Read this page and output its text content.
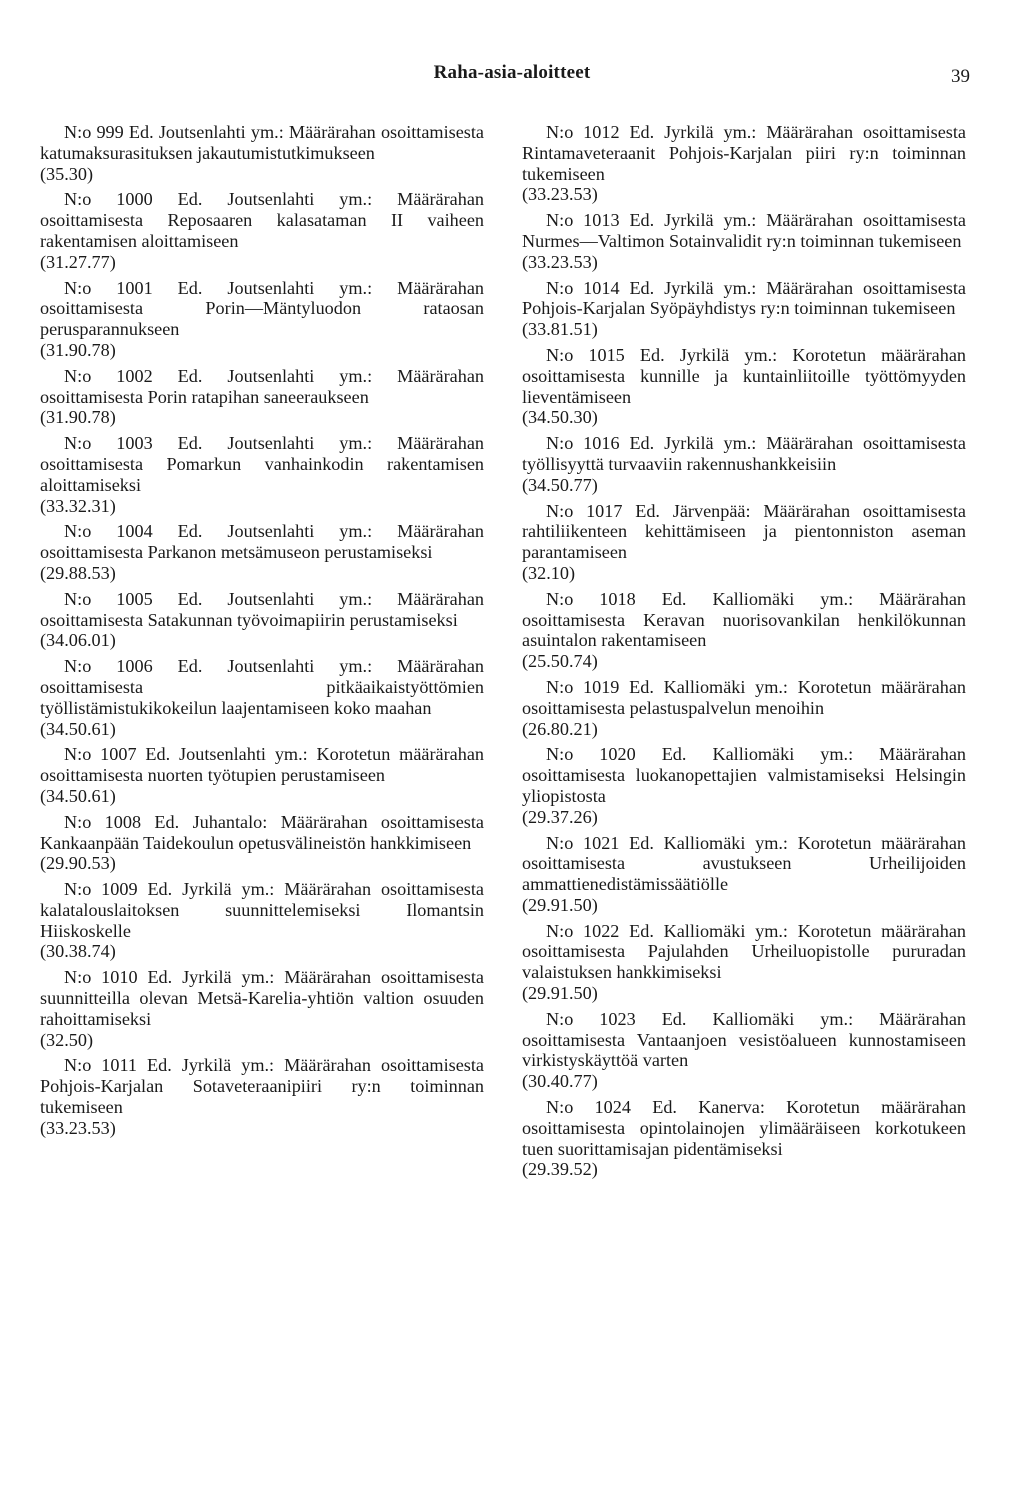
Raha-asia-aloitteet	39
N:o 999 Ed. Joutsenlahti ym.: Määrärahan osoittamisesta katumaksurasituksen jakautumistutkimukseen
(35.30)
N:o 1000 Ed. Joutsenlahti ym.: Määrärahan osoittamisesta Reposaaren kalasataman II vaiheen rakentamisen aloittamiseen
(31.27.77)
N:o 1001 Ed. Joutsenlahti ym.: Määrärahan osoittamisesta Porin—Mäntyluodon rataosan perusparannukseen
(31.90.78)
N:o 1002 Ed. Joutsenlahti ym.: Määrärahan osoittamisesta Porin ratapihan saneeraukseen
(31.90.78)
N:o 1003 Ed. Joutsenlahti ym.: Määrärahan osoittamisesta Pomarkun vanhainkodin rakentamisen aloittamiseksi
(33.32.31)
N:o 1004 Ed. Joutsenlahti ym.: Määrärahan osoittamisesta Parkanon metsämuseon perustamiseksi
(29.88.53)
N:o 1005 Ed. Joutsenlahti ym.: Määrärahan osoittamisesta Satakunnan työvoimapiirin perustamiseksi
(34.06.01)
N:o 1006 Ed. Joutsenlahti ym.: Määrärahan osoittamisesta pitkäaikaistyöttömien työllistämistukikokeilun laajentamiseen koko maahan
(34.50.61)
N:o 1007 Ed. Joutsenlahti ym.: Korotetun määrärahan osoittamisesta nuorten työtupien perustamiseen
(34.50.61)
N:o 1008 Ed. Juhantalo: Määrärahan osoittamisesta Kankaanpään Taidekoulun opetusvälineistön hankkimiseen
(29.90.53)
N:o 1009 Ed. Jyrkilä ym.: Määrärahan osoittamisesta kalatalouslaitoksen suunnittelemiseksi Ilomantsin Hiiskoskelle
(30.38.74)
N:o 1010 Ed. Jyrkilä ym.: Määrärahan osoittamisesta suunnitteilla olevan Metsä-Karelia-yhtiön valtion osuuden rahoittamiseksi
(32.50)
N:o 1011 Ed. Jyrkilä ym.: Määrärahan osoittamisesta Pohjois-Karjalan Sotaveteraanipiiri ry:n toiminnan tukemiseen
(33.23.53)
N:o 1012 Ed. Jyrkilä ym.: Määrärahan osoittamisesta Rintamaveteraanit Pohjois-Karjalan piiri ry:n toiminnan tukemiseen
(33.23.53)
N:o 1013 Ed. Jyrkilä ym.: Määrärahan osoittamisesta Nurmes—Valtimon Sotainvalidit ry:n toiminnan tukemiseen
(33.23.53)
N:o 1014 Ed. Jyrkilä ym.: Määrärahan osoittamisesta Pohjois-Karjalan Syöpäyhdistys ry:n toiminnan tukemiseen
(33.81.51)
N:o 1015 Ed. Jyrkilä ym.: Korotetun määrärahan osoittamisesta kunnille ja kuntainliitoille työttömyyden lieventämiseen
(34.50.30)
N:o 1016 Ed. Jyrkilä ym.: Määrärahan osoittamisesta työllisyyttä turvaaviin rakennushankkeisiin
(34.50.77)
N:o 1017 Ed. Järvenpää: Määrärahan osoittamisesta rahtiliikenteen kehittämiseen ja pientonniston aseman parantamiseen
(32.10)
N:o 1018 Ed. Kalliomäki ym.: Määrärahan osoittamisesta Keravan nuorisovankilan henkilökunnan asuintalon rakentamiseen
(25.50.74)
N:o 1019 Ed. Kalliomäki ym.: Korotetun määrärahan osoittamisesta pelastuspalvelun menoihin
(26.80.21)
N:o 1020 Ed. Kalliomäki ym.: Määrärahan osoittamisesta luokanopettajien valmistamiseksi Helsingin yliopistosta
(29.37.26)
N:o 1021 Ed. Kalliomäki ym.: Korotetun määrärahan osoittamisesta avustukseen Urheilijoiden ammattienedistämissäätiölle
(29.91.50)
N:o 1022 Ed. Kalliomäki ym.: Korotetun määrärahan osoittamisesta Pajulahden Urheiluopistolle pururadan valaistuksen hankkimiseksi
(29.91.50)
N:o 1023 Ed. Kalliomäki ym.: Määrärahan osoittamisesta Vantaanjoen vesistöalueen kunnostamiseen virkistyskäyttöä varten
(30.40.77)
N:o 1024 Ed. Kanerva: Korotetun määrärahan osoittamisesta opintolainojen ylimääräiseen korkotukeen tuen suorittamisajan pidentämiseksi
(29.39.52)
